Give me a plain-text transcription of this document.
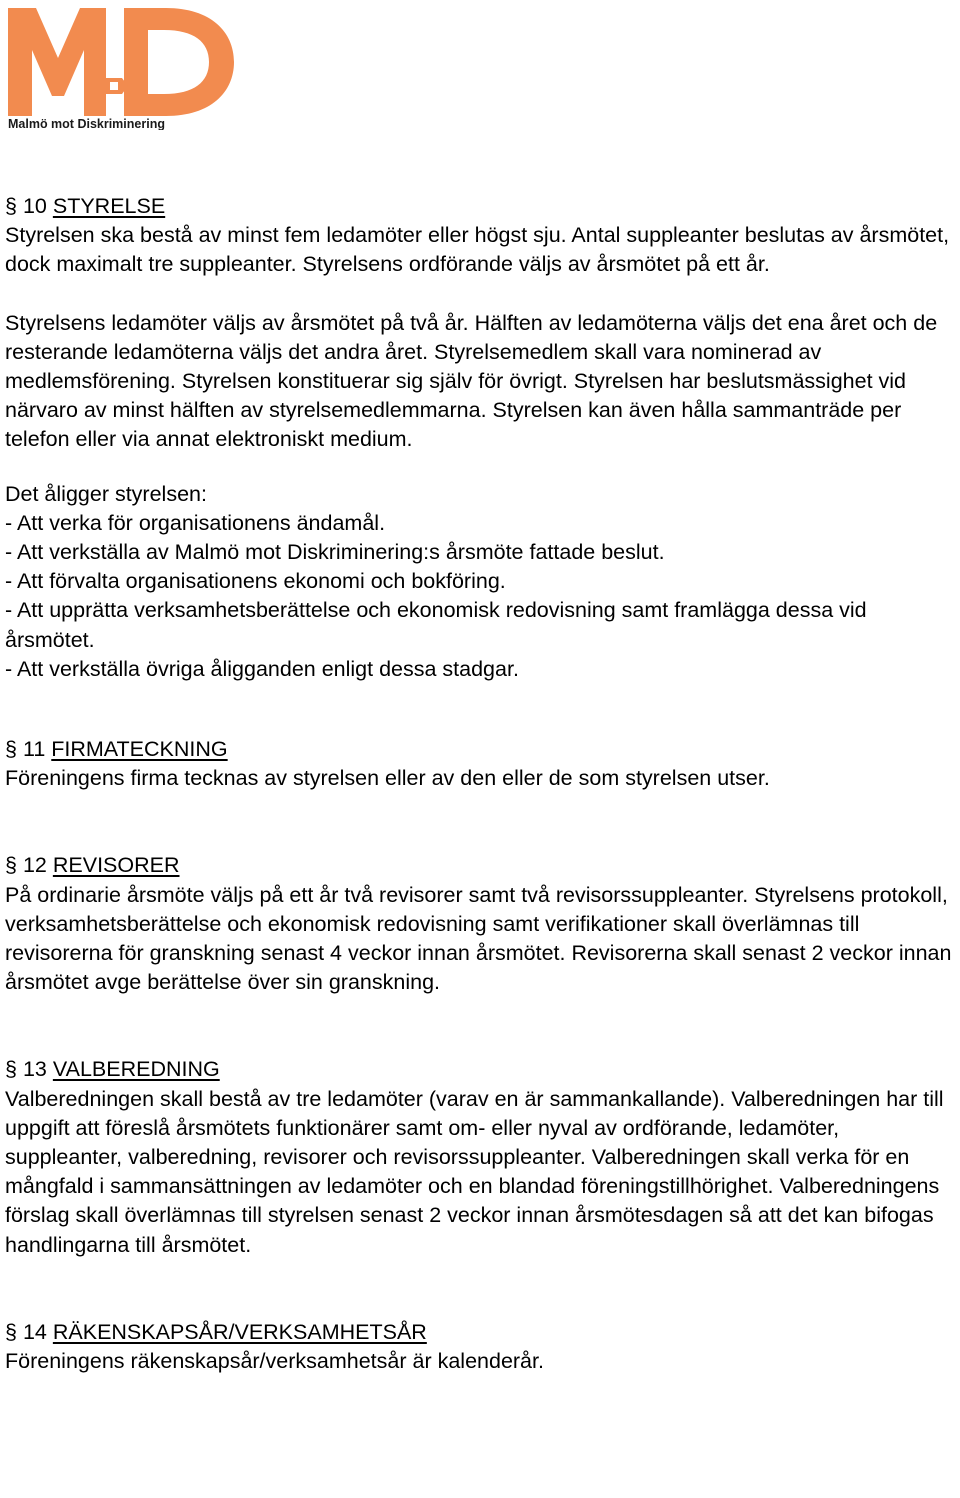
Malmö mot Diskriminering
§ 10 STYRELSE

Styrelsen ska bestå av minst fem ledamöter eller högst sju. Antal suppleanter beslutas av årsmötet, dock maximalt tre suppleanter. Styrelsens ordförande väljs av årsmötet på ett år.

Styrelsens ledamöter väljs av årsmötet på två år. Hälften av ledamöterna väljs det ena året och de resterande ledamöterna väljs det andra året. Styrelsemedlem skall vara nominerad av medlemsförening. Styrelsen konstituerar sig själv för övrigt. Styrelsen har beslutsmässighet vid närvaro av minst hälften av styrelsemedlemmarna. Styrelsen kan även hålla sammanträde per telefon eller via annat elektroniskt medium.

Det åligger styrelsen:

- Att verka för organisationens ändamål.

- Att verkställa av Malmö mot Diskriminering:s årsmöte fattade beslut.

- Att förvalta organisationens ekonomi och bokföring.

- Att upprätta verksamhetsberättelse och ekonomisk redovisning samt framlägga dessa vid årsmötet.

- Att verkställa övriga åligganden enligt dessa stadgar.

§ 11 FIRMATECKNING

Föreningens firma tecknas av styrelsen eller av den eller de som styrelsen utser.

§ 12 REVISORER

På ordinarie årsmöte väljs på ett år två revisorer samt två revisorssuppleanter. Styrelsens protokoll, verksamhetsberättelse och ekonomisk redovisning samt verifikationer skall överlämnas till revisorerna för granskning senast 4 veckor innan årsmötet. Revisorerna skall senast 2 veckor innan årsmötet avge berättelse över sin granskning.

§ 13 VALBEREDNING

Valberedningen skall bestå av tre ledamöter (varav en är sammankallande). Valberedningen har till uppgift att föreslå årsmötets funktionärer samt om- eller nyval av ordförande, ledamöter, suppleanter, valberedning, revisorer och revisorssuppleanter. Valberedningen skall verka för en mångfald i sammansättningen av ledamöter och en blandad föreningstillhörighet. Valberedningens förslag skall överlämnas till styrelsen senast 2 veckor innan årsmötesdagen så att det kan bifogas handlingarna till årsmötet.

§ 14 RÄKENSKAPSÅR/VERKSAMHETSÅR

Föreningens räkenskapsår/verksamhetsår är kalenderår.
